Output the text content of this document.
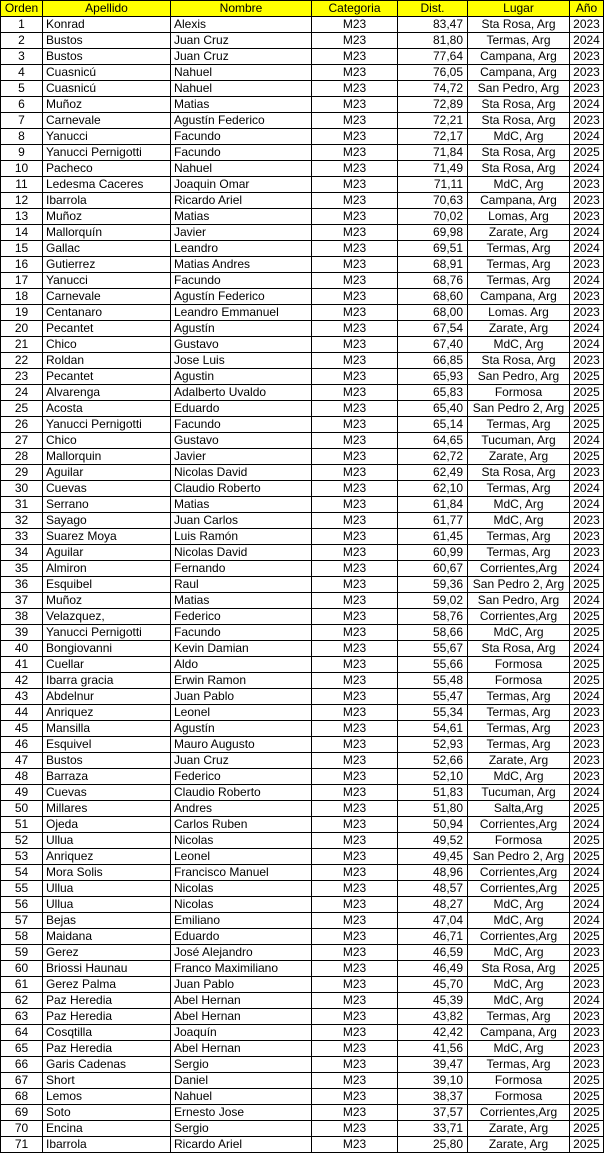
Orden	Apellido	Nombre	Categoria	Dist.	Lugar	Año
1	Konrad	Alexis	M23	83,47	Sta Rosa, Arg	2023
2	Bustos	Juan Cruz	M23	81,80	Termas, Arg	2024
3	Bustos	Juan Cruz	M23	77,64	Campana, Arg	2023
4	Cuasnicú	Nahuel	M23	76,05	Campana, Arg	2023
5	Cuasnicú	Nahuel	M23	74,72	San Pedro, Arg	2023
6	Muñoz	Matias	M23	72,89	Sta Rosa, Arg	2024
7	Carnevale	Agustín Federico	M23	72,21	Sta Rosa, Arg	2023
8	Yanucci	Facundo	M23	72,17	MdC, Arg	2024
9	Yanucci Pernigotti	Facundo	M23	71,84	Sta Rosa, Arg	2025
10	Pacheco	Nahuel	M23	71,49	Sta Rosa, Arg	2024
11	Ledesma Caceres	Joaquin Omar	M23	71,11	MdC, Arg	2023
12	Ibarrola	Ricardo Ariel	M23	70,63	Campana, Arg	2023
13	Muñoz	Matias	M23	70,02	Lomas, Arg	2023
14	Mallorquín	Javier	M23	69,98	Zarate, Arg	2024
15	Gallac	Leandro	M23	69,51	Termas, Arg	2024
16	Gutierrez	Matias Andres	M23	68,91	Termas, Arg	2023
17	Yanucci	Facundo	M23	68,76	Termas, Arg	2024
18	Carnevale	Agustín Federico	M23	68,60	Campana, Arg	2023
19	Centanaro	Leandro Emmanuel	M23	68,00	Lomas. Arg	2023
20	Pecantet	Agustín	M23	67,54	Zarate, Arg	2024
21	Chico	Gustavo	M23	67,40	MdC, Arg	2024
22	Roldan	Jose Luis	M23	66,85	Sta Rosa, Arg	2023
23	Pecantet	Agustin	M23	65,93	San Pedro, Arg	2025
24	Alvarenga	Adalberto Uvaldo	M23	65,83	Formosa	2025
25	Acosta	Eduardo	M23	65,40	San Pedro 2, Arg	2025
26	Yanucci Pernigotti	Facundo	M23	65,14	Termas, Arg	2025
27	Chico	Gustavo	M23	64,65	Tucuman, Arg	2024
28	Mallorquin	Javier	M23	62,72	Zarate, Arg	2025
29	Aguilar	Nicolas David	M23	62,49	Sta Rosa, Arg	2023
30	Cuevas	Claudio Roberto	M23	62,10	Termas, Arg	2024
31	Serrano	Matias	M23	61,84	MdC, Arg	2024
32	Sayago	Juan Carlos	M23	61,77	MdC, Arg	2023
33	Suarez Moya	Luis Ramón	M23	61,45	Termas, Arg	2023
34	Aguilar	Nicolas David	M23	60,99	Termas, Arg	2023
35	Almiron	Fernando	M23	60,67	Corrientes,Arg	2024
36	Esquibel	Raul	M23	59,36	San Pedro 2, Arg	2025
37	Muñoz	Matias	M23	59,02	San Pedro, Arg	2024
38	Velazquez,	Federico	M23	58,76	Corrientes,Arg	2025
39	Yanucci Pernigotti	Facundo	M23	58,66	MdC, Arg	2025
40	Bongiovanni	Kevin Damian	M23	55,67	Sta Rosa, Arg	2024
41	Cuellar	Aldo	M23	55,66	Formosa	2025
42	Ibarra gracia	Erwin Ramon	M23	55,48	Formosa	2025
43	Abdelnur	Juan Pablo	M23	55,47	Termas, Arg	2024
44	Anriquez	Leonel	M23	55,34	Termas, Arg	2023
45	Mansilla	Agustín	M23	54,61	Termas, Arg	2023
46	Esquivel	Mauro Augusto	M23	52,93	Termas, Arg	2023
47	Bustos	Juan Cruz	M23	52,66	Zarate, Arg	2023
48	Barraza	Federico	M23	52,10	MdC, Arg	2023
49	Cuevas	Claudio Roberto	M23	51,83	Tucuman, Arg	2024
50	Millares	Andres	M23	51,80	Salta,Arg	2025
51	Ojeda	Carlos Ruben	M23	50,94	Corrientes,Arg	2024
52	Ullua	Nicolas	M23	49,52	Formosa	2025
53	Anriquez	Leonel	M23	49,45	San Pedro 2, Arg	2025
54	Mora Solis	Francisco Manuel	M23	48,96	Corrientes,Arg	2024
55	Ullua	Nicolas	M23	48,57	Corrientes,Arg	2025
56	Ullua	Nicolas	M23	48,27	MdC, Arg	2024
57	Bejas	Emiliano	M23	47,04	MdC, Arg	2024
58	Maidana	Eduardo	M23	46,71	Corrientes,Arg	2025
59	Gerez	José Alejandro	M23	46,59	MdC, Arg	2023
60	Briossi Haunau	Franco Maximiliano	M23	46,49	Sta Rosa, Arg	2025
61	Gerez Palma	Juan Pablo	M23	45,70	MdC, Arg	2023
62	Paz Heredia	Abel Hernan	M23	45,39	MdC, Arg	2024
63	Paz Heredia	Abel Hernan	M23	43,82	Termas, Arg	2023
64	Cosqtilla	Joaquín	M23	42,42	Campana, Arg	2023
65	Paz Heredia	Abel Hernan	M23	41,56	MdC, Arg	2023
66	Garis Cadenas	Sergio	M23	39,47	Termas, Arg	2023
67	Short	Daniel	M23	39,10	Formosa	2025
68	Lemos	Nahuel	M23	38,37	Formosa	2025
69	Soto	Ernesto Jose	M23	37,57	Corrientes,Arg	2025
70	Encina	Sergio	M23	33,71	Zarate, Arg	2025
71	Ibarrola	Ricardo Ariel	M23	25,80	Zarate, Arg	2025
